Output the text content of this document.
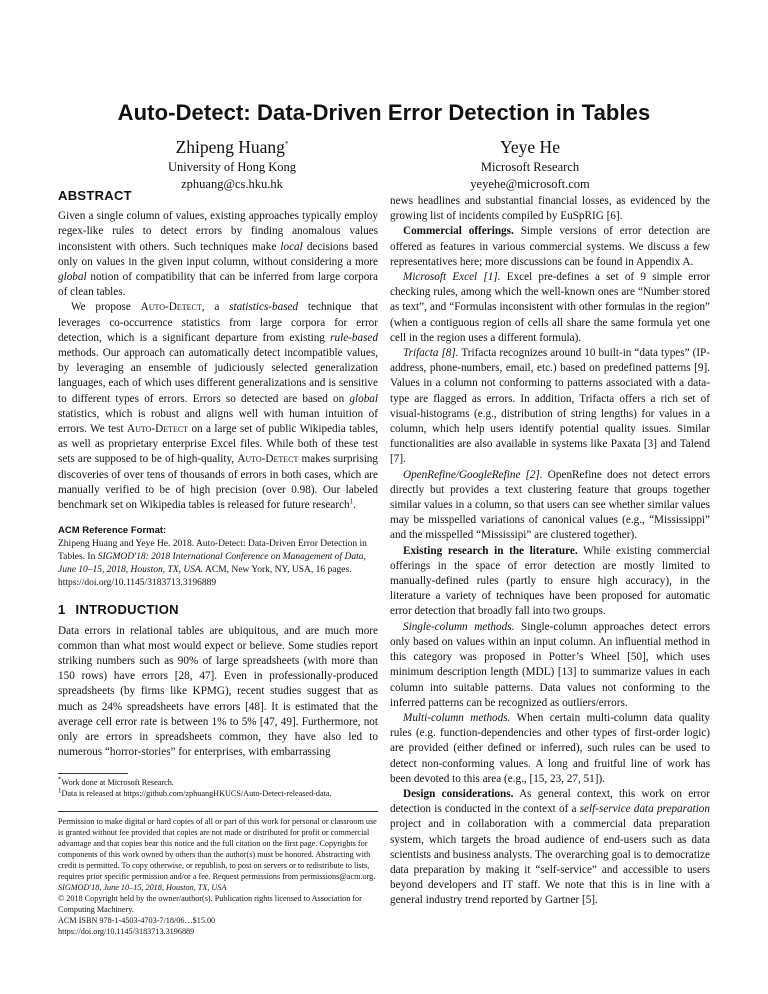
Auto-Detect: Data-Driven Error Detection in Tables
Zhipeng Huang*
University of Hong Kong
zphuang@cs.hku.hk
Yeye He
Microsoft Research
yeyehe@microsoft.com
ABSTRACT

Given a single column of values, existing approaches typically employ regex-like rules to detect errors by finding anomalous values inconsistent with others. Such techniques make local decisions based only on values in the given input column, without considering a more global notion of compatibility that can be inferred from large corpora of clean tables.

We propose Auto-Detect, a statistics-based technique that leverages co-occurrence statistics from large corpora for error detection, which is a significant departure from existing rule-based methods. Our approach can automatically detect incompatible values, by leveraging an ensemble of judiciously selected generalization languages, each of which uses different generalizations and is sensitive to different types of errors. Errors so detected are based on global statistics, which is robust and aligns well with human intuition of errors. We test Auto-Detect on a large set of public Wikipedia tables, as well as proprietary enterprise Excel files. While both of these test sets are supposed to be of high-quality, Auto-Detect makes surprising discoveries of over tens of thousands of errors in both cases, which are manually verified to be of high precision (over 0.98). Our labeled benchmark set on Wikipedia tables is released for future research$^1$.

ACM Reference Format:
Zhipeng Huang and Yeye He. 2018. Auto-Detect: Data-Driven Error Detection in Tables. In SIGMOD'18: 2018 International Conference on Management of Data, June 10–15, 2018, Houston, TX, USA. ACM, New York, NY, USA, 16 pages. https://doi.org/10.1145/3183713.3196889
1 INTRODUCTION

Data errors in relational tables are ubiquitous, and are much more common than what most would expect or believe. Some studies report striking numbers such as 90% of large spreadsheets (with more than 150 rows) have errors [28, 47]. Even in professionally-produced spreadsheets (by firms like KPMG), recent studies suggest that as much as 24% spreadsheets have errors [48]. It is estimated that the average cell error rate is between 1% to 5% [47, 49]. Furthermore, not only are errors in spreadsheets common, they have also led to numerous “horror-stories” for enterprises, with embarrassing

*Work done at Microsoft Research.
$^1$Data is released at https://github.com/zphuangHKUCS/Auto-Detect-released-data.
Permission to make digital or hard copies of all or part of this work for personal or classroom use is granted without fee provided that copies are not made or distributed for profit or commercial advantage and that copies bear this notice and the full citation on the first page. Copyrights for components of this work owned by others than the author(s) must be honored. Abstracting with credit is permitted. To copy otherwise, or republish, to post on servers or to redistribute to lists, requires prior specific permission and/or a fee. Request permissions from permissions@acm.org.
SIGMOD'18, June 10–15, 2018, Houston, TX, USA
© 2018 Copyright held by the owner/author(s). Publication rights licensed to Association for Computing Machinery.
ACM ISBN 978-1-4503-4703-7/18/06…$15.00
https://doi.org/10.1145/3183713.3196889

news headlines and substantial financial losses, as evidenced by the growing list of incidents compiled by EuSpRIG [6].

Commercial offerings. Simple versions of error detection are offered as features in various commercial systems. We discuss a few representatives here; more discussions can be found in Appendix A.

Microsoft Excel [1]. Excel pre-defines a set of 9 simple error checking rules, among which the well-known ones are “Number stored as text”, and “Formulas inconsistent with other formulas in the region” (when a contiguous region of cells all share the same formula yet one cell in the region uses a different formula).

Trifacta [8]. Trifacta recognizes around 10 built-in “data types” (IP-address, phone-numbers, email, etc.) based on predefined patterns [9]. Values in a column not conforming to patterns associated with a data-type are flagged as errors. In addition, Trifacta offers a rich set of visual-histograms (e.g., distribution of string lengths) for values in a column, which help users identify potential quality issues. Similar functionalities are also available in systems like Paxata [3] and Talend [7].

OpenRefine/GoogleRefine [2]. OpenRefine does not detect errors directly but provides a text clustering feature that groups together similar values in a column, so that users can see whether similar values may be misspelled variations of canonical values (e.g., “Mississippi” and the misspelled “Mississipi” are clustered together).

Existing research in the literature. While existing commercial offerings in the space of error detection are mostly limited to manually-defined rules (partly to ensure high accuracy), in the literature a variety of techniques have been proposed for automatic error detection that broadly fall into two groups.

Single-column methods. Single-column approaches detect errors only based on values within an input column. An influential method in this category was proposed in Potter’s Wheel [50], which uses minimum description length (MDL) [13] to summarize values in each column into suitable patterns. Data values not conforming to the inferred patterns can be recognized as outliers/errors.

Multi-column methods. When certain multi-column data quality rules (e.g. function-dependencies and other types of first-order logic) are provided (either defined or inferred), such rules can be used to detect non-conforming values. A long and fruitful line of work has been devoted to this area (e.g., [15, 23, 27, 51]).

Design considerations. As general context, this work on error detection is conducted in the context of a self-service data preparation project and in collaboration with a commercial data preparation system, which targets the broad audience of end-users such as data scientists and business analysts. The overarching goal is to democratize data preparation by making it “self-service” and accessible to users beyond developers and IT staff. We note that this is in line with a general industry trend reported by Gartner [5].
